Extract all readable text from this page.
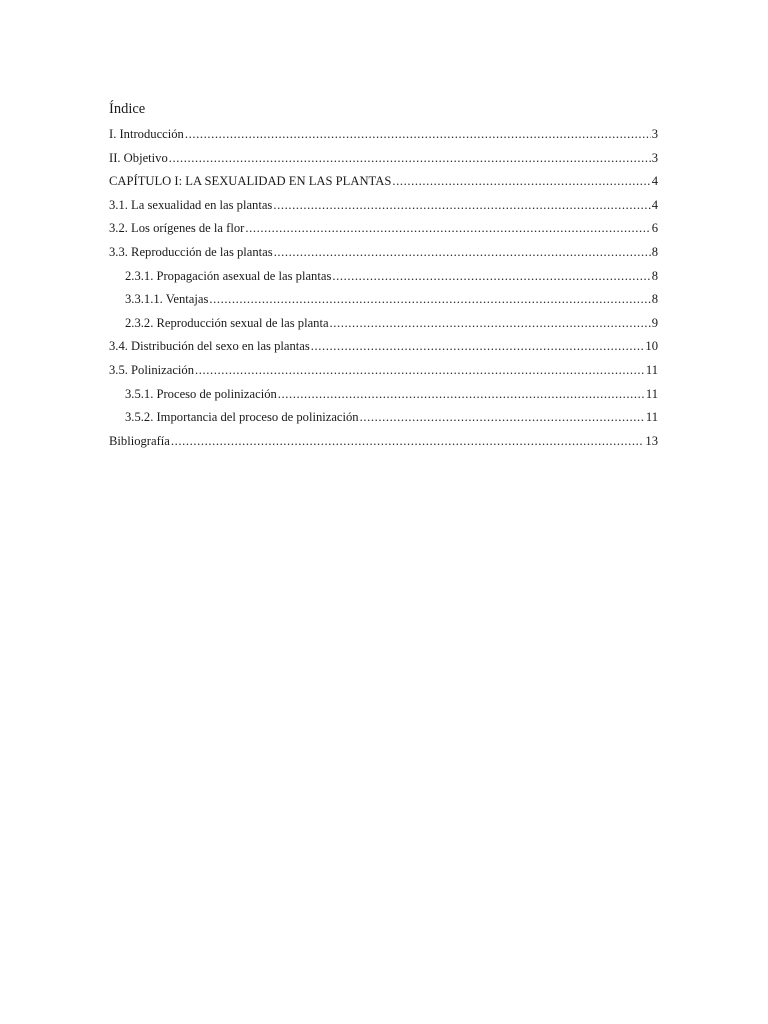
Índice
I. Introducción .....	3
II. Objetivo .....	3
CAPÍTULO I: LA SEXUALIDAD EN LAS PLANTAS .....	4
3.1. La sexualidad en las plantas .....	4
3.2. Los orígenes de la flor .....	6
3.3. Reproducción de las plantas .....	8
2.3.1. Propagación asexual de las plantas .....	8
3.3.1.1. Ventajas .....	8
2.3.2. Reproducción sexual de las planta .....	9
3.4. Distribución del sexo en las plantas .....	10
3.5. Polinización .....	11
3.5.1. Proceso de polinización .....	11
3.5.2. Importancia del proceso de polinización .....	11
Bibliografía .....	13
